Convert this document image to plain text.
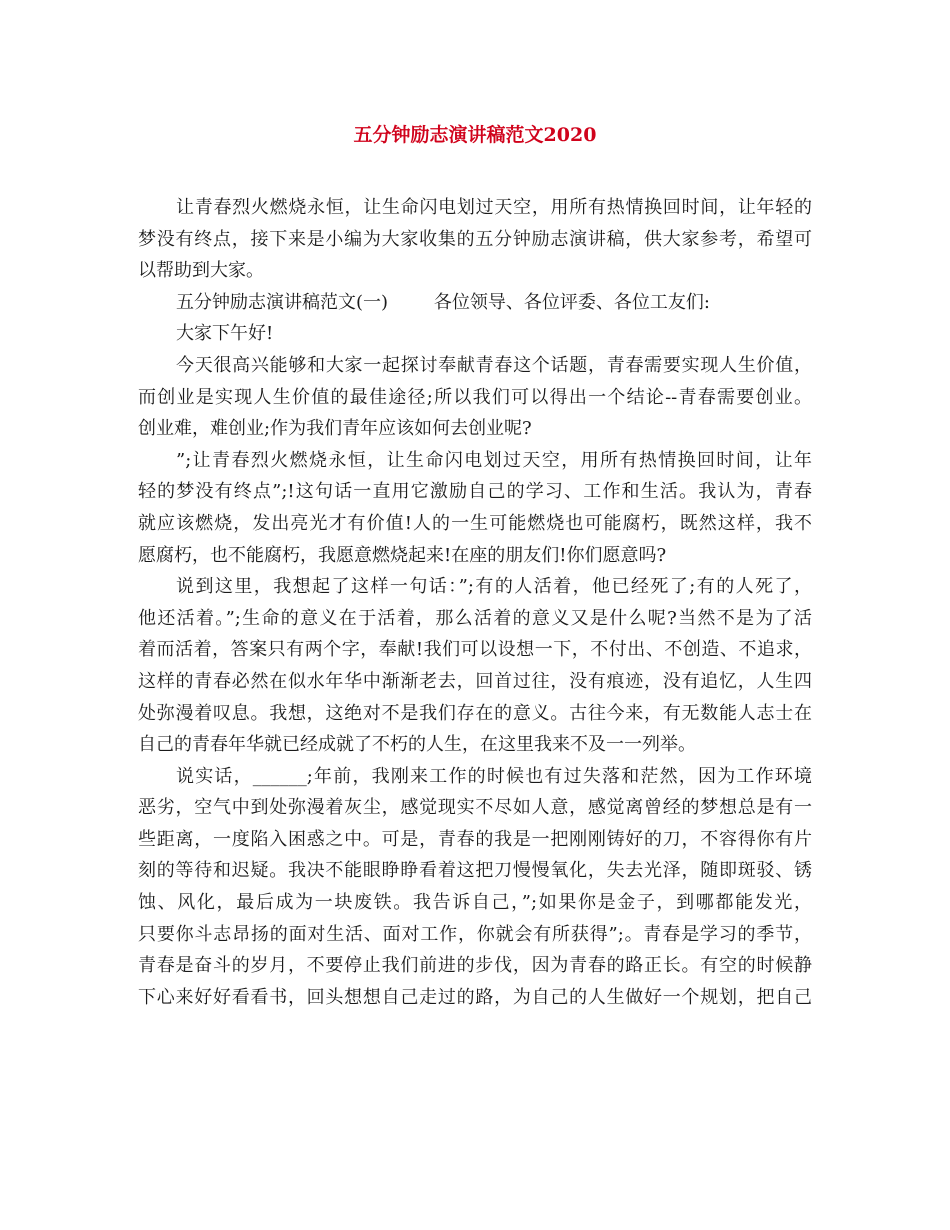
五分钟励志演讲稿范文2020
让青春烈火燃烧永恒，让生命闪电划过天空，用所有热情换回时间，让年轻的
梦没有终点，接下来是小编为大家收集的五分钟励志演讲稿，供大家参考，希望可
以帮助到大家。
五分钟励志演讲稿范文(一)        各位领导、各位评委、各位工友们:
大家下午好!
今天很高兴能够和大家一起探讨奉献青春这个话题，青春需要实现人生价值，
而创业是实现人生价值的最佳途径;所以我们可以得出一个结论--青春需要创业。
创业难，难创业;作为我们青年应该如何去创业呢?
”;让青春烈火燃烧永恒，让生命闪电划过天空，用所有热情换回时间，让年
轻的梦没有终点”;!这句话一直用它激励自己的学习、工作和生活。我认为，青春
就应该燃烧，发出亮光才有价值!人的一生可能燃烧也可能腐朽，既然这样，我不
愿腐朽，也不能腐朽，我愿意燃烧起来!在座的朋友们!你们愿意吗?
说到这里，我想起了这样一句话：”;有的人活着，他已经死了;有的人死了，
他还活着。”;生命的意义在于活着，那么活着的意义又是什么呢?当然不是为了活
着而活着，答案只有两个字，奉献!我们可以设想一下，不付出、不创造、不追求，
这样的青春必然在似水年华中渐渐老去，回首过往，没有痕迹，没有追忆，人生四
处弥漫着叹息。我想，这绝对不是我们存在的意义。古往今来，有无数能人志士在
自己的青春年华就已经成就了不朽的人生，在这里我来不及一一列举。
说实话，______;年前，我刚来工作的时候也有过失落和茫然，因为工作环境
恶劣，空气中到处弥漫着灰尘，感觉现实不尽如人意，感觉离曾经的梦想总是有一
些距离，一度陷入困惑之中。可是，青春的我是一把刚刚铸好的刀，不容得你有片
刻的等待和迟疑。我决不能眼睁睁看着这把刀慢慢氧化，失去光泽，随即斑驳、锈
蚀、风化，最后成为一块废铁。我告诉自己，”;如果你是金子，到哪都能发光，
只要你斗志昂扬的面对生活、面对工作，你就会有所获得”;。青春是学习的季节，
青春是奋斗的岁月，不要停止我们前进的步伐，因为青春的路正长。有空的时候静
下心来好好看看书，回头想想自己走过的路，为自己的人生做好一个规划，把自己
